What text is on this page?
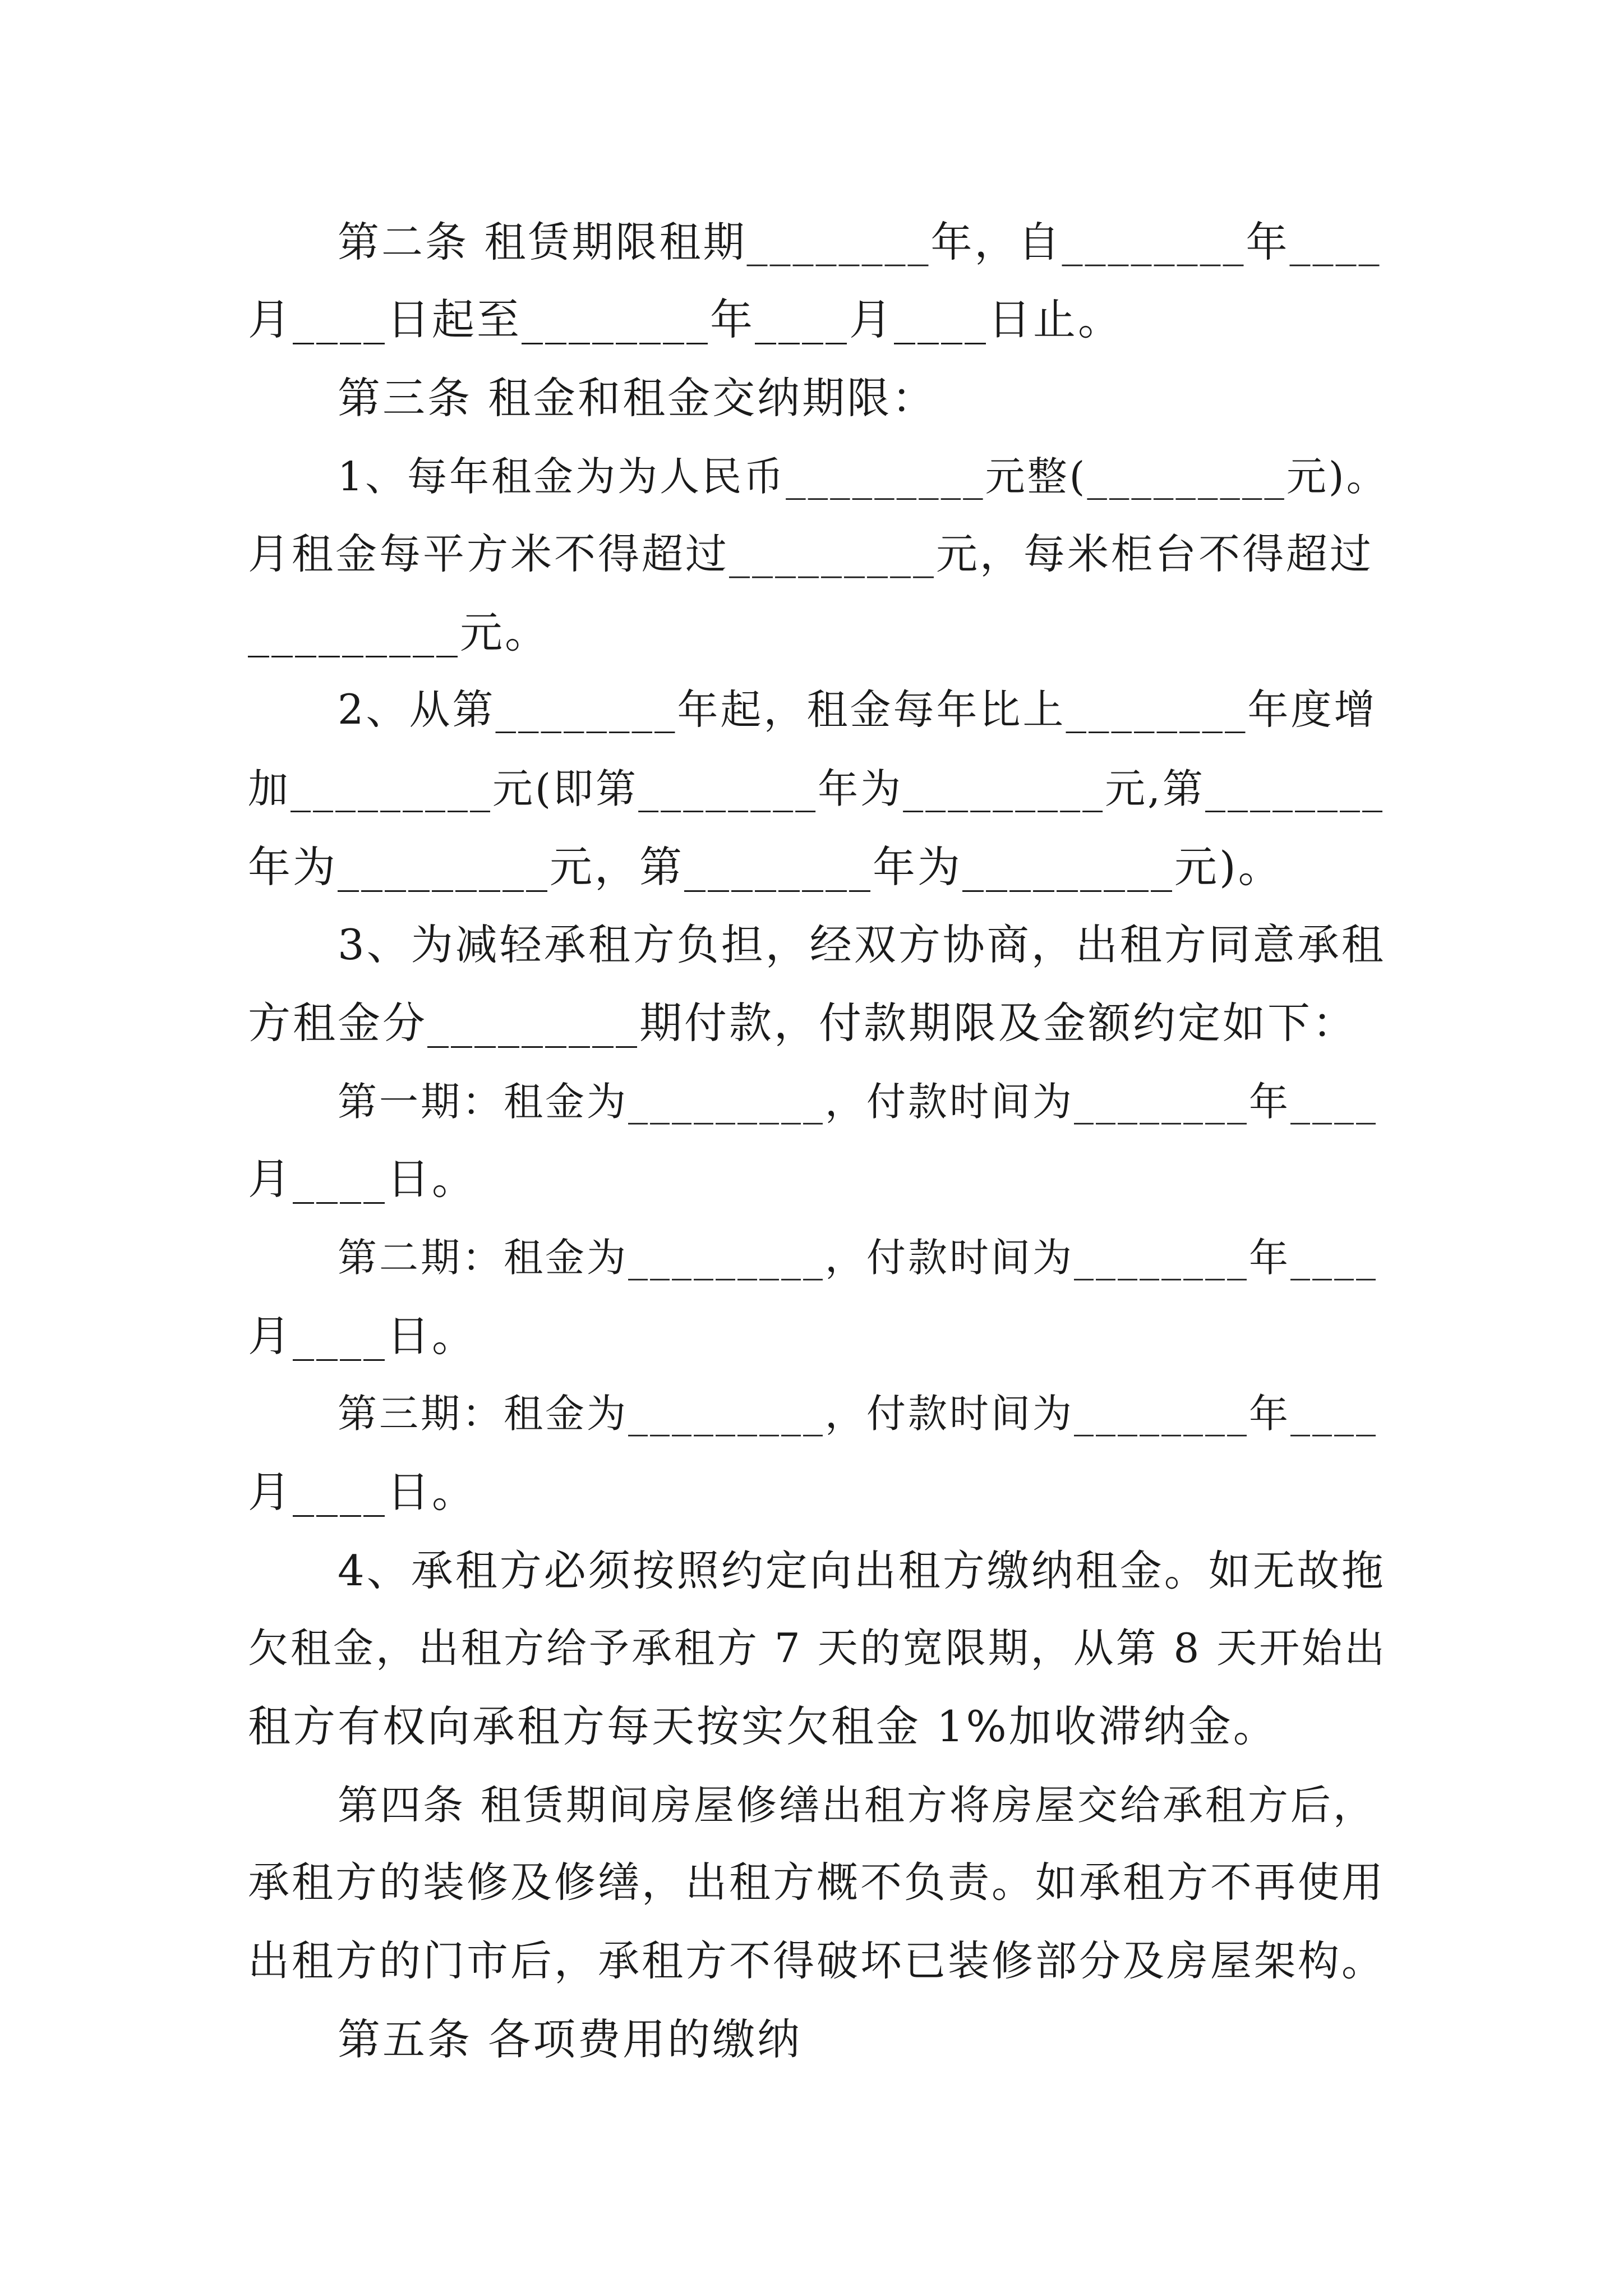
第二条 租赁期限租期________年，自________年____
月____日起至________年____月____日止。
第三条 租金和租金交纳期限：
1、每年租金为为人民币_________元整(_________元)。
月租金每平方米不得超过_________元，每米柜台不得超过
_________元。
2、从第________年起，租金每年比上________年度增
加_________元(即第________年为_________元,第________
年为_________元，第________年为_________元)。
3、为减轻承租方负担，经双方协商，出租方同意承租
方租金分_________期付款，付款期限及金额约定如下：
第一期：租金为_________，付款时间为________年____
月____日。
第二期：租金为_________，付款时间为________年____
月____日。
第三期：租金为_________，付款时间为________年____
月____日。
4、承租方必须按照约定向出租方缴纳租金。如无故拖
欠租金，出租方给予承租方 7 天的宽限期，从第 8 天开始出
租方有权向承租方每天按实欠租金 1%加收滞纳金。
第四条 租赁期间房屋修缮出租方将房屋交给承租方后，
承租方的装修及修缮，出租方概不负责。如承租方不再使用
出租方的门市后，承租方不得破坏已装修部分及房屋架构。
第五条 各项费用的缴纳
